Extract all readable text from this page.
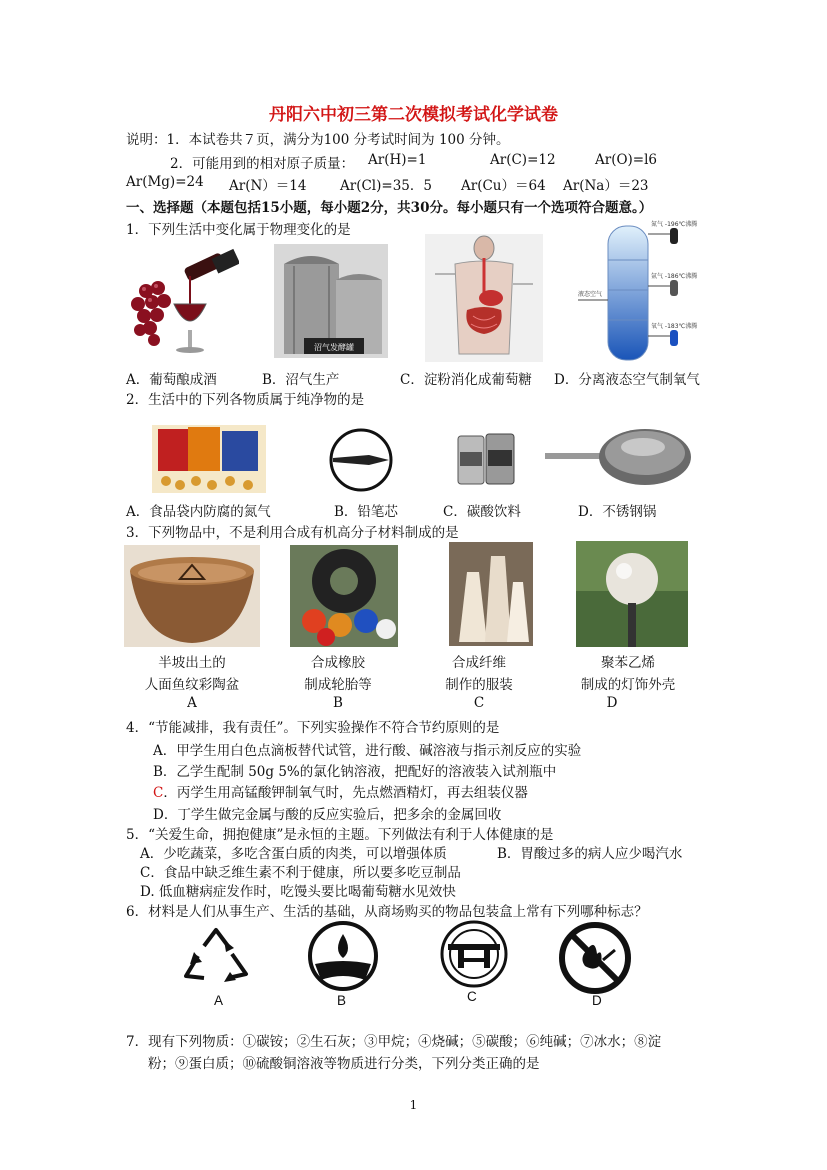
丹阳六中初三第二次模拟考试化学试卷
说明：1．本试卷共７页，满分为100 分考试时间为 100 分钟。
2．可能用到的相对原子质量： Ar(H)=1	Ar(C)=12	Ar(O)=l6
Ar(Mg)=24 Ar(N）＝14 Ar(Cl)=35．5 Ar(Cu）＝64 Ar(Na）＝23
一、选择题（本题包括15小题，每小题2分，共30分。每小题只有一个选项符合题意。）
1．下列生活中变化属于物理变化的是
沼气发酵罐
氮气 -196℃沸腾
氩气 -186℃沸腾
氧气 -183℃沸腾
液态空气
A．葡萄酿成酒	B．沼气生产	C．淀粉消化成葡萄糖 D．分离液态空气制氧气
2．生活中的下列各物质属于纯净物的是
A．食品袋内防腐的氮气	B．铅笔芯	C．碳酸饮料	D．不锈钢锅
3．下列物品中，不是利用合成有机高分子材料制成的是
半坡出土的
人面鱼纹彩陶盆
A
合成橡胶
制成轮胎等
B
合成纤维
制作的服装
C
聚苯乙烯
制成的灯饰外壳
D
4．“节能减排，我有责任”。下列实验操作不符合节约原则的是
A．甲学生用白色点滴板替代试管，进行酸、碱溶液与指示剂反应的实验
B．乙学生配制 50g 5%的氯化钠溶液，把配好的溶液装入试剂瓶中
C．丙学生用高锰酸钾制氧气时，先点燃酒精灯，再去组装仪器
D．丁学生做完金属与酸的反应实验后，把多余的金属回收
5．“关爱生命，拥抱健康”是永恒的主题。下列做法有利于人体健康的是
A．少吃蔬菜，多吃含蛋白质的肉类，可以增强体质	B．胃酸过多的病人应少喝汽水
C．食品中缺乏维生素不利于健康，所以要多吃豆制品
D. 低血糖病症发作时，吃馒头要比喝葡萄糖水见效快
6．材料是人们从事生产、生活的基础，从商场购买的物品包装盒上常有下列哪种标志？
A	B	C	D
7．现有下列物质：①碳铵；②生石灰；③甲烷；④烧碱；⑤碳酸；⑥纯碱；⑦冰水；⑧淀
粉；⑨蛋白质；⑩硫酸铜溶液等物质进行分类，下列分类正确的是
1
